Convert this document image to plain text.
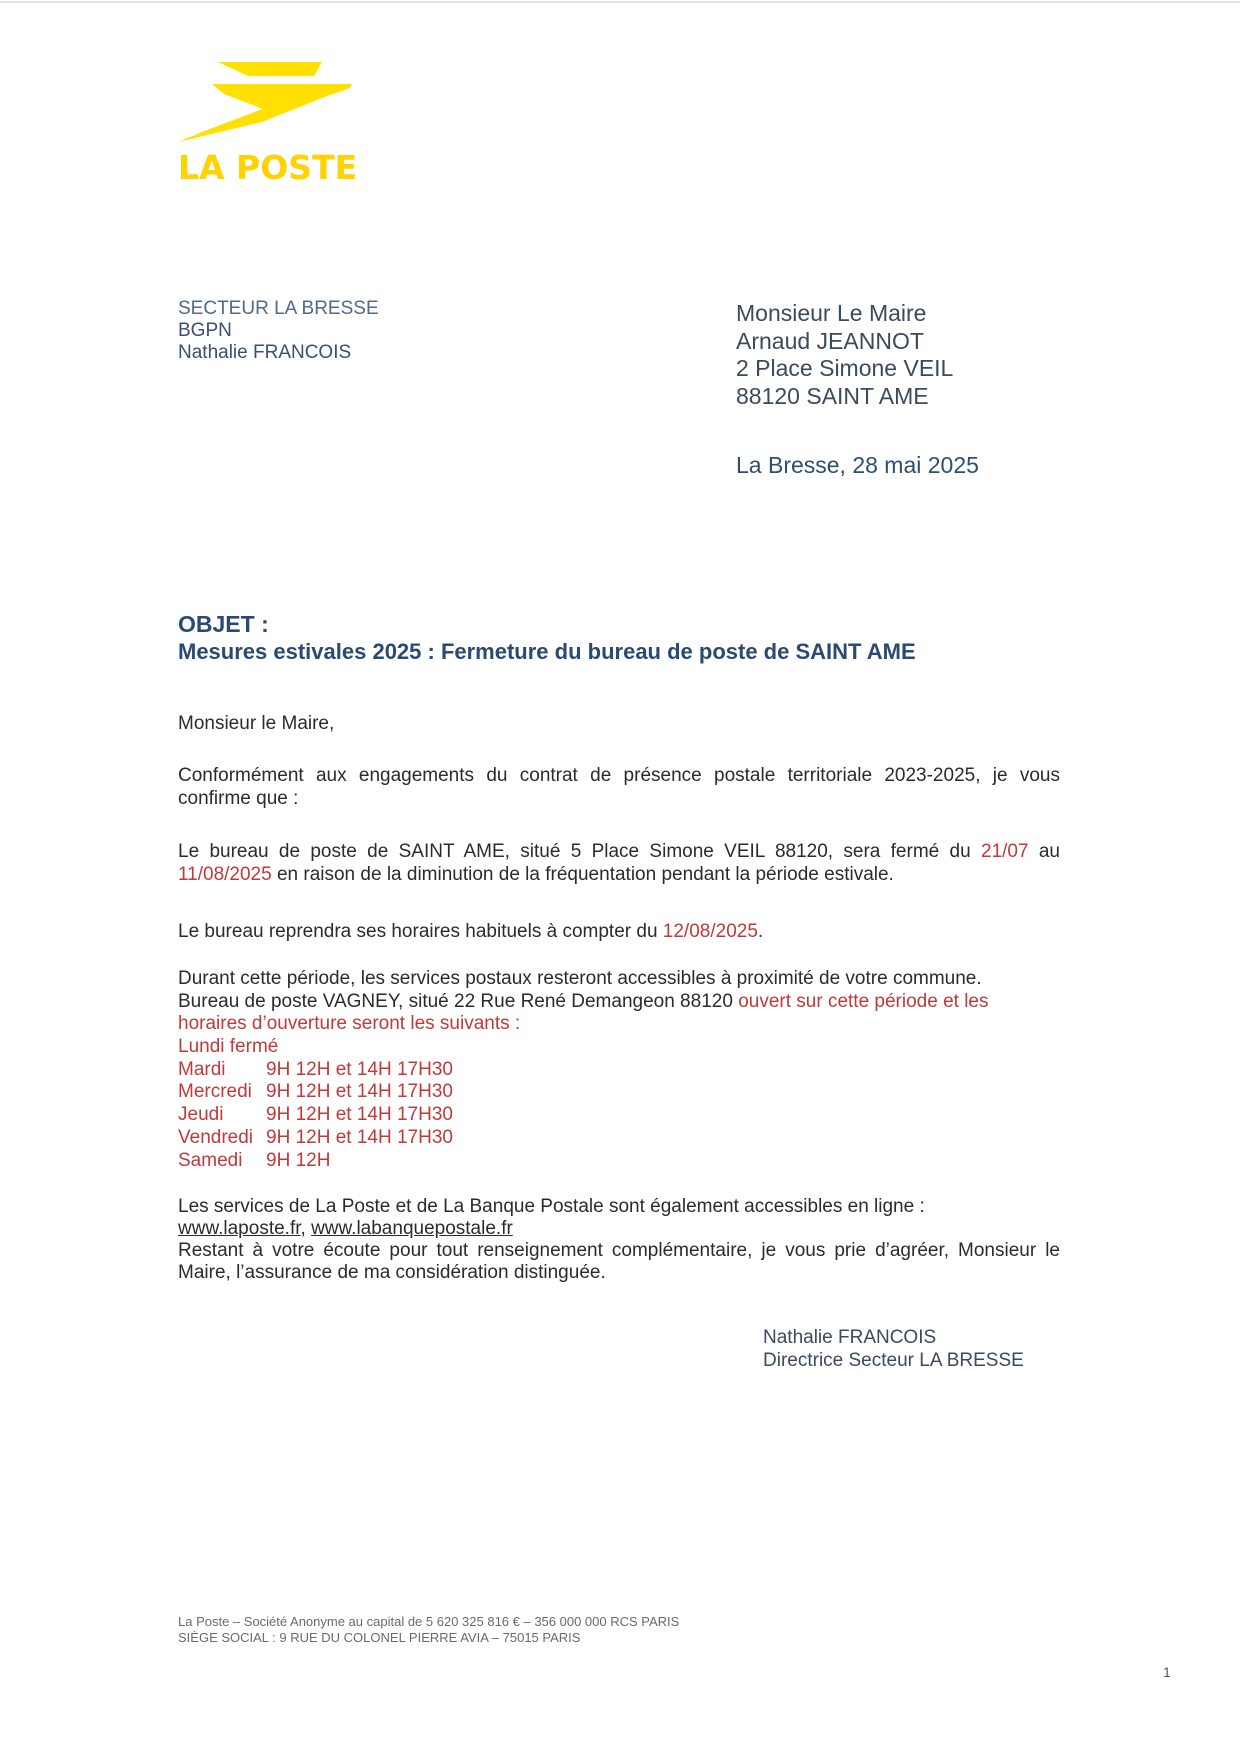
LA POSTE
SECTEUR LA BRESSE
BGPN
Nathalie FRANCOIS
Monsieur Le Maire
Arnaud JEANNOT
2 Place Simone VEIL
88120 SAINT AME
La Bresse, 28 mai 2025
OBJET :
Mesures estivales 2025 : Fermeture du bureau de poste de SAINT AME
Monsieur le Maire,
Conformément aux engagements du contrat de présence postale territoriale 2023-2025, je vous confirme que :
Le bureau de poste de SAINT AME, situé 5 Place Simone VEIL 88120, sera fermé du 21/07 au 11/08/2025 en raison de la diminution de la fréquentation pendant la période estivale.
Le bureau reprendra ses horaires habituels à compter du 12/08/2025.
Durant cette période, les services postaux resteront accessibles à proximité de votre commune.
Bureau de poste VAGNEY, situé 22 Rue René Demangeon 88120 ouvert sur cette période et les
horaires d’ouverture seront les suivants :
Lundi fermé
Mardi 9H 12H et 14H 17H30
Mercredi 9H 12H et 14H 17H30
Jeudi 9H 12H et 14H 17H30
Vendredi 9H 12H et 14H 17H30
Samedi 9H 12H
Les services de La Poste et de La Banque Postale sont également accessibles en ligne :
www.laposte.fr, www.labanquepostale.fr
Restant à votre écoute pour tout renseignement complémentaire, je vous prie d’agréer, Monsieur le Maire, l’assurance de ma considération distinguée.
Nathalie FRANCOIS
Directrice Secteur LA BRESSE
La Poste – Société Anonyme au capital de 5 620 325 816 € – 356 000 000 RCS PARIS
SIÈGE SOCIAL : 9 RUE DU COLONEL PIERRE AVIA – 75015 PARIS
1
